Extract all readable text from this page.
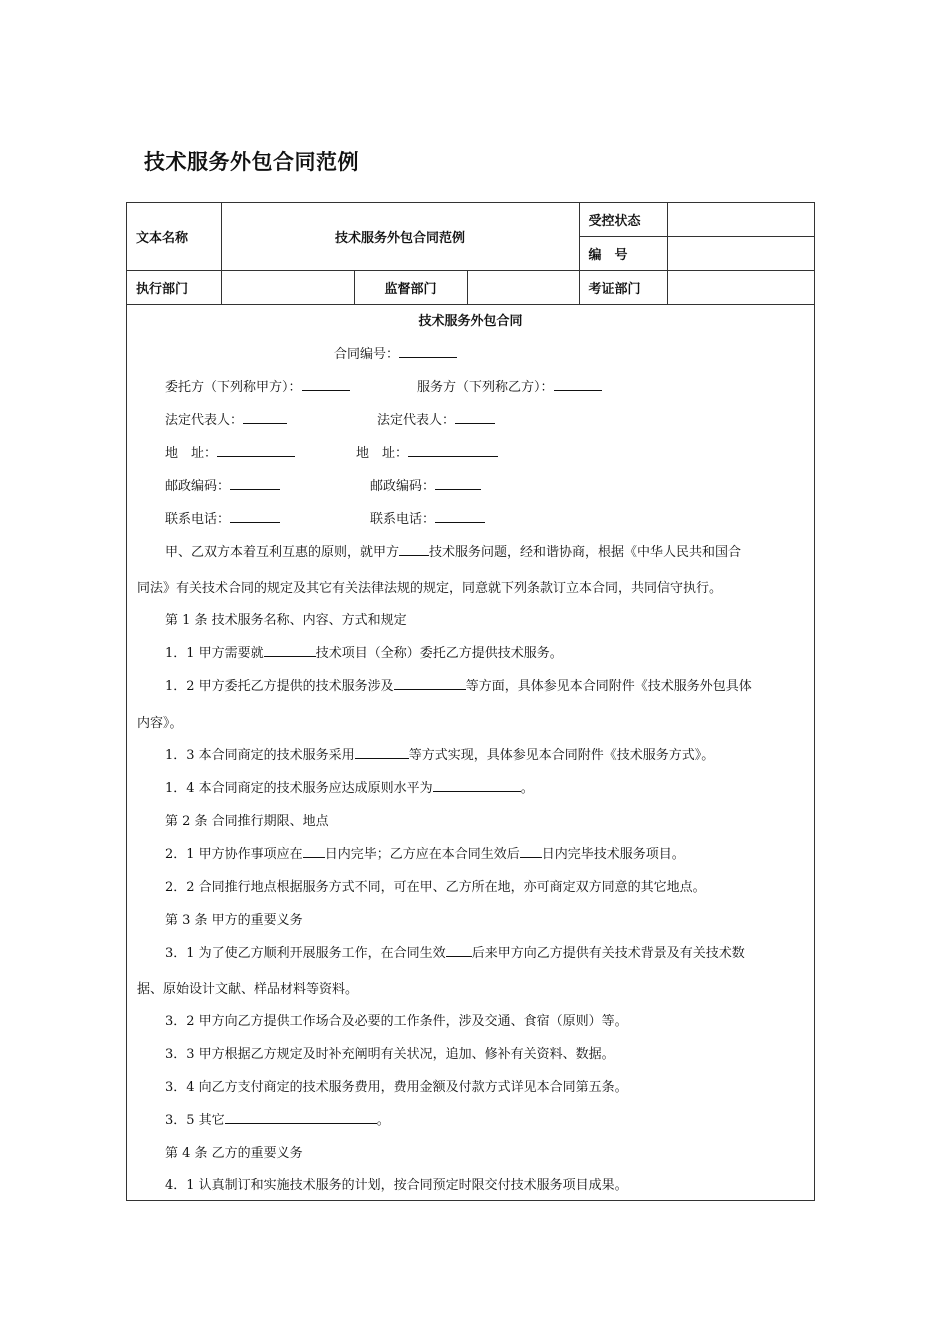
技术服务外包合同范例
文本名称	技术服务外包合同范例			受控状态	
				编　号	
执行部门		监督部门		考证部门	
技术服务外包合同
合同编号：
委托方（下列称甲方）：	服务方（下列称乙方）：
法定代表人：	法定代表人：
地　址：	地　址：
邮政编码：	邮政编码：
联系电话：	联系电话：
甲、乙双方本着互利互惠的原则，就甲方 技术服务问题，经和谐协商，根据《中华人民共和国合
同法》有关技术合同的规定及其它有关法律法规的规定，同意就下列条款订立本合同，共同信守执行。
第 1 条 技术服务名称、内容、方式和规定
1．1 甲方需要就	技术项目（全称）委托乙方提供技术服务。
1．2 甲方委托乙方提供的技术服务涉及	等方面，具体参见本合同附件《技术服务外包具体
内容》。
1．3 本合同商定的技术服务采用	等方式实现，具体参见本合同附件《技术服务方式》。
1．4 本合同商定的技术服务应达成原则水平为	。
第 2 条 合同推行期限、地点
2．1 甲方协作事项应在 日内完毕；乙方应在本合同生效后 日内完毕技术服务项目。
2．2 合同推行地点根据服务方式不同，可在甲、乙方所在地，亦可商定双方同意的其它地点。
第 3 条 甲方的重要义务
3．1 为了使乙方顺利开展服务工作，在合同生效 后来甲方向乙方提供有关技术背景及有关技术数
据、原始设计文献、样品材料等资料。
3．2 甲方向乙方提供工作场合及必要的工作条件，涉及交通、食宿（原则）等。
3．3 甲方根据乙方规定及时补充阐明有关状况，追加、修补有关资料、数据。
3．4 向乙方支付商定的技术服务费用，费用金额及付款方式详见本合同第五条。
3．5 其它	。
第 4 条 乙方的重要义务
4．1 认真制订和实施技术服务的计划，按合同预定时限交付技术服务项目成果。
